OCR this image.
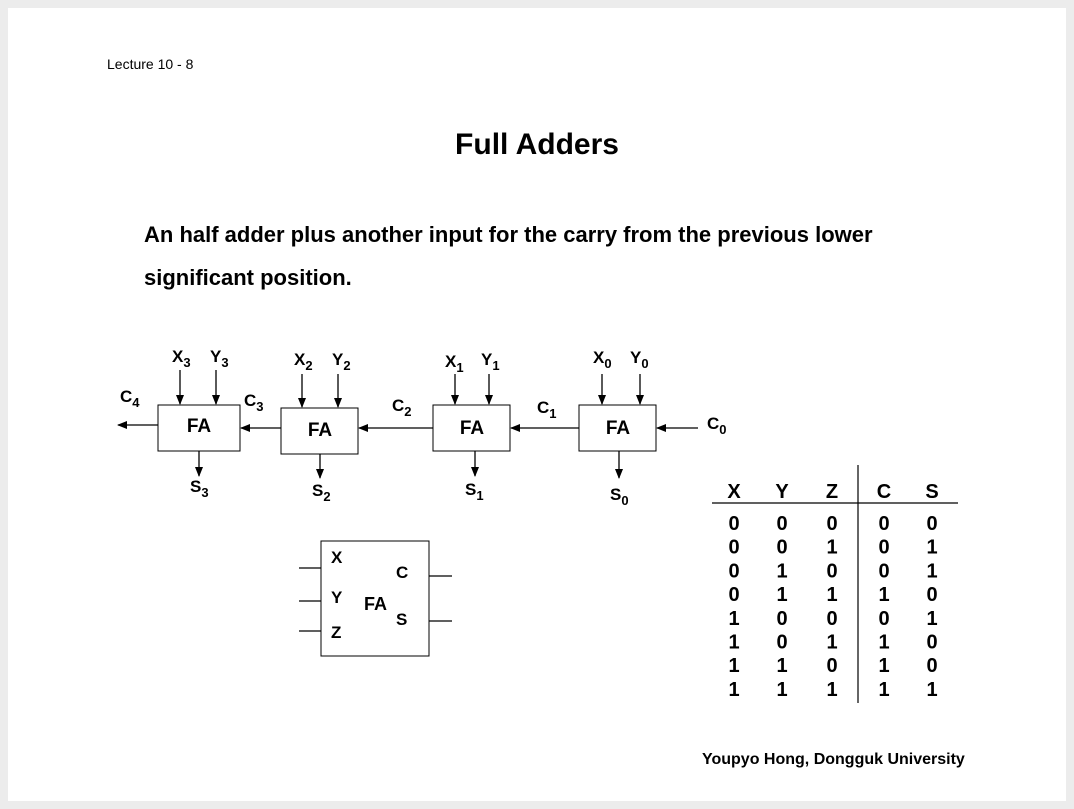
Lecture 10 - 8
Full Adders
An half adder plus another input for the carry from the previous lower significant position.
Youpyo Hong, Dongguk University
FA	FA	FA	FA
$X_3$ $Y_3$	$X_2$ $Y_2$	$X_1$ $Y_1$	$X_0$ $Y_0$
$C_4$	$C_3$	$C_2$	$C_1$
$C_0$
$S_3$	$S_2$	$S_1$	$S_0$
X
Y
Z
C
S
FA
X Y Z C S
0 0 0 0 0
0 0 1 0 1
0 1 0 0 1
0 1 1 1 0
1 0 0 0 1
1 0 1 1 0
1 1 0 1 0
1 1 1 1 1
